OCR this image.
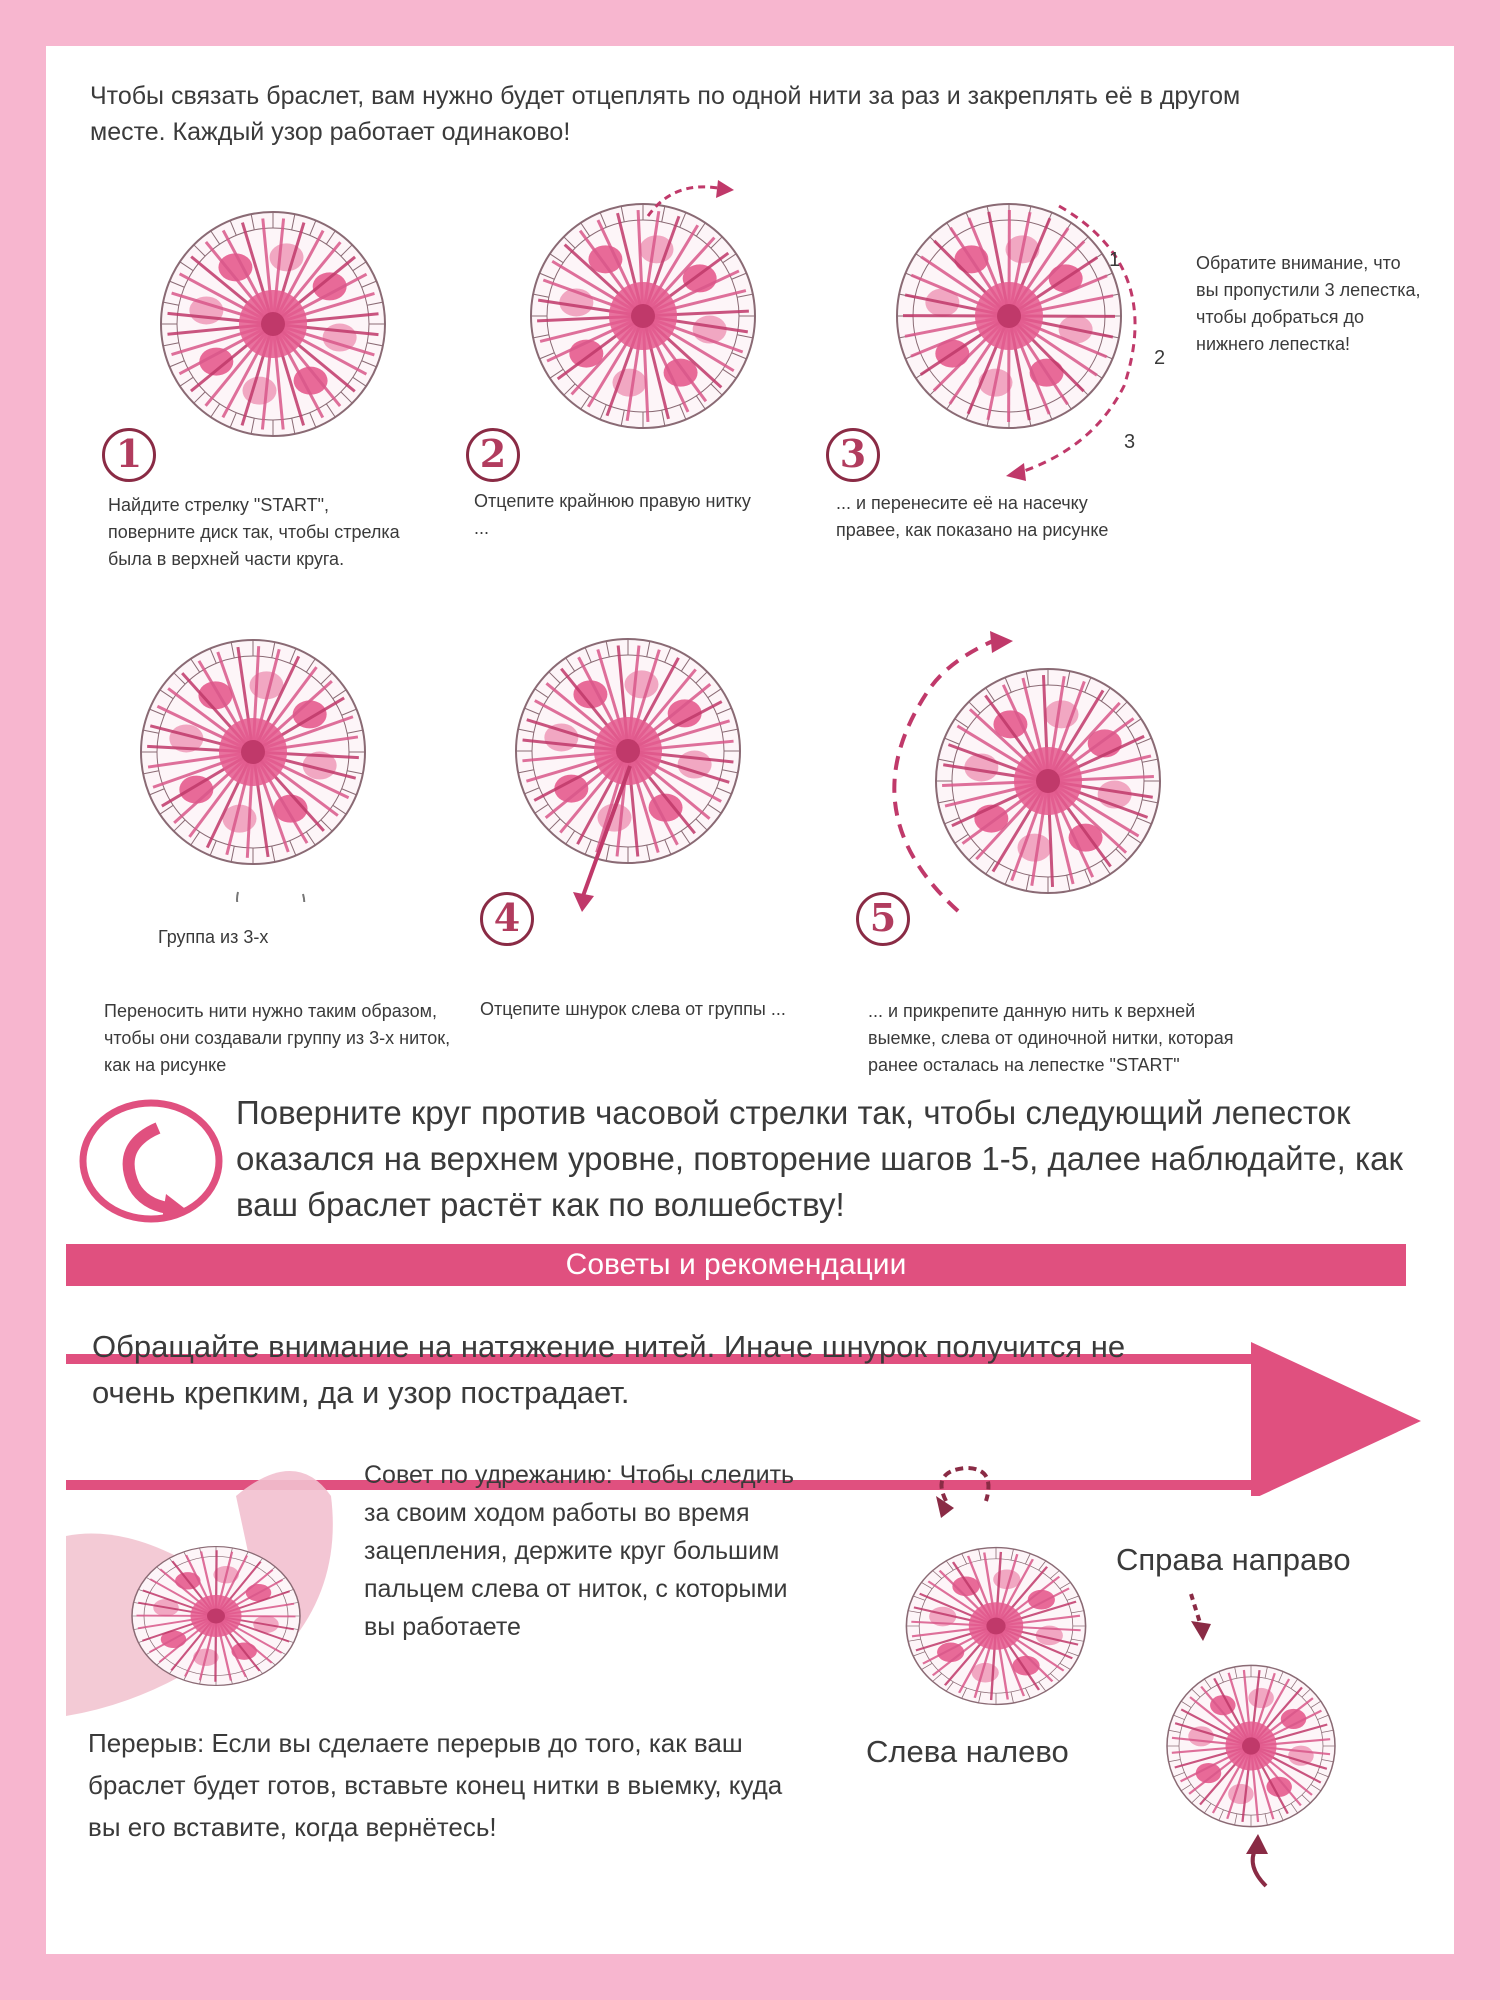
Чтобы связать браслет, вам нужно будет отцеплять по одной нити за раз и закреплять её в другом месте. Каждый узор работает одинаково!
1
2
3
1	2	3
Найдите стрелку "START", поверните диск так, чтобы стрелка была в верхней части круга.
Отцепите крайнюю правую нитку ...
... и перенесите её на насечку правее, как показано на рисунке
Обратите внимание, что вы пропустили 3 лепестка, чтобы добраться до нижнего лепестка!
Группа из 3-х	4	5
Переносить нити нужно таким образом, чтобы они создавали группу из 3-х ниток, как на рисунке
Отцепите шнурок слева от группы ...	... и прикрепите данную нить к верхней выемке, слева от одиночной нитки, которая ранее осталась на лепестке "START"
Поверните круг против часовой стрелки так, чтобы следующий лепесток оказался на верхнем уровне, повторение шагов 1-5, далее наблюдайте, как ваш браслет растёт как по волшебству!
Советы и рекомендации
Обращайте внимание на натяжение нитей. Иначе шнурок получится не очень крепким, да и узор пострадает.
Совет по удрежанию: Чтобы следить за своим ходом работы во время зацепления, держите круг большим пальцем слева от ниток, с которыми вы работаете
Перерыв: Если вы сделаете перерыв до того, как ваш браслет будет готов, вставьте конец нитки в выемку, куда вы его вставите, когда вернётесь!
Слева налево
Справа направо
